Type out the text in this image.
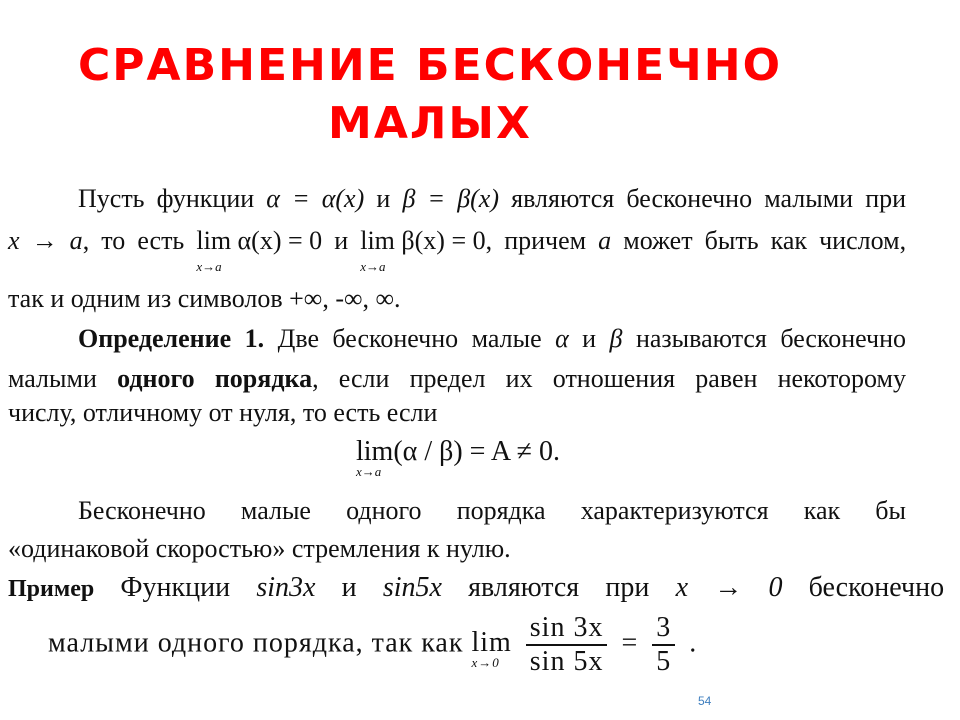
СРАВНЕНИЕ БЕСКОНЕЧНО
МАЛЫХ
Пусть функции α = α(x) и β = β(x) являются бесконечно малыми при
x → a, то есть lim α(x) = 0
x→a
и lim β(x) = 0
x→a
, причем a может быть как числом,
так и одним из символов +∞, -∞, ∞.
Определение 1. Две бесконечно малые α и β называются бесконечно
малыми одного порядка, если предел их отношения равен некоторому
числу, отличному от нуля, то есть если
lim(α / β) = A ≠ 0.
x→a
Бесконечно малые одного порядка характеризуются как бы
«одинаковой скоростью» стремления к нулю.
Пример Функции sin3x и sin5x являются при x → 0 бесконечно
малыми одного порядка, так как lim
x→0
$\frac{\sin 3x}{\sin 5x} = \frac{3}{5}$ .
54
